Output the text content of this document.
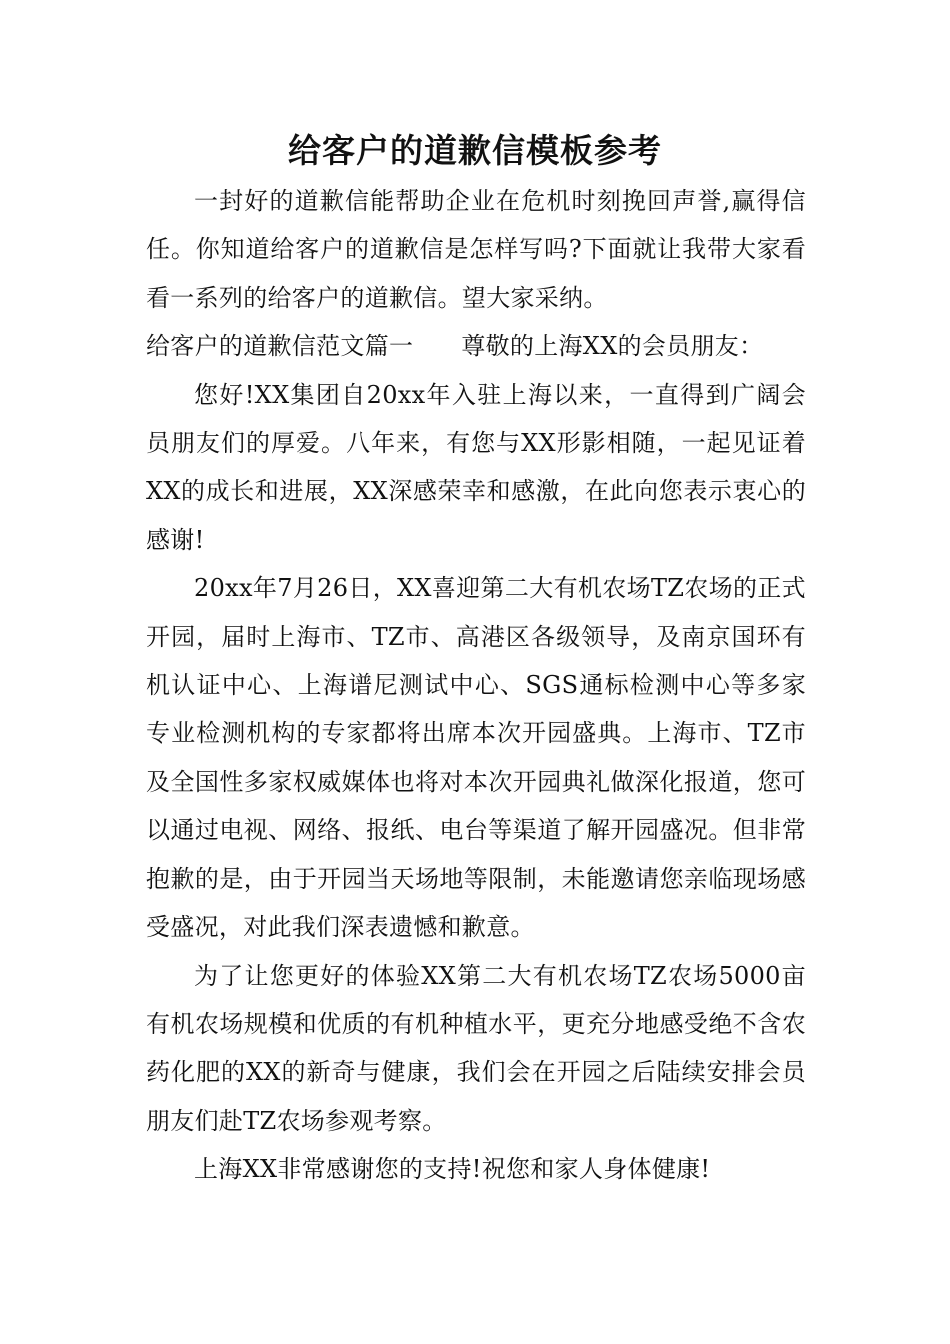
给客户的道歉信模板参考

一封好的道歉信能帮助企业在危机时刻挽回声誉,赢得信任。你知道给客户的道歉信是怎样写吗?下面就让我带大家看看一系列的给客户的道歉信。望大家采纳。

给客户的道歉信范文篇一 尊敬的上海XX的会员朋友：

您好!XX集团自20xx年入驻上海以来，一直得到广阔会员朋友们的厚爱。八年来，有您与XX形影相随，一起见证着XX的成长和进展，XX深感荣幸和感激，在此向您表示衷心的感谢!

20xx年7月26日，XX喜迎第二大有机农场TZ农场的正式开园，届时上海市、TZ市、高港区各级领导，及南京国环有机认证中心、上海谱尼测试中心、SGS通标检测中心等多家专业检测机构的专家都将出席本次开园盛典。上海市、TZ市及全国性多家权威媒体也将对本次开园典礼做深化报道，您可以通过电视、网络、报纸、电台等渠道了解开园盛况。但非常抱歉的是，由于开园当天场地等限制，未能邀请您亲临现场感受盛况，对此我们深表遗憾和歉意。

为了让您更好的体验XX第二大有机农场TZ农场5000亩有机农场规模和优质的有机种植水平，更充分地感受绝不含农药化肥的XX的新奇与健康，我们会在开园之后陆续安排会员朋友们赴TZ农场参观考察。

上海XX非常感谢您的支持!祝您和家人身体健康!
